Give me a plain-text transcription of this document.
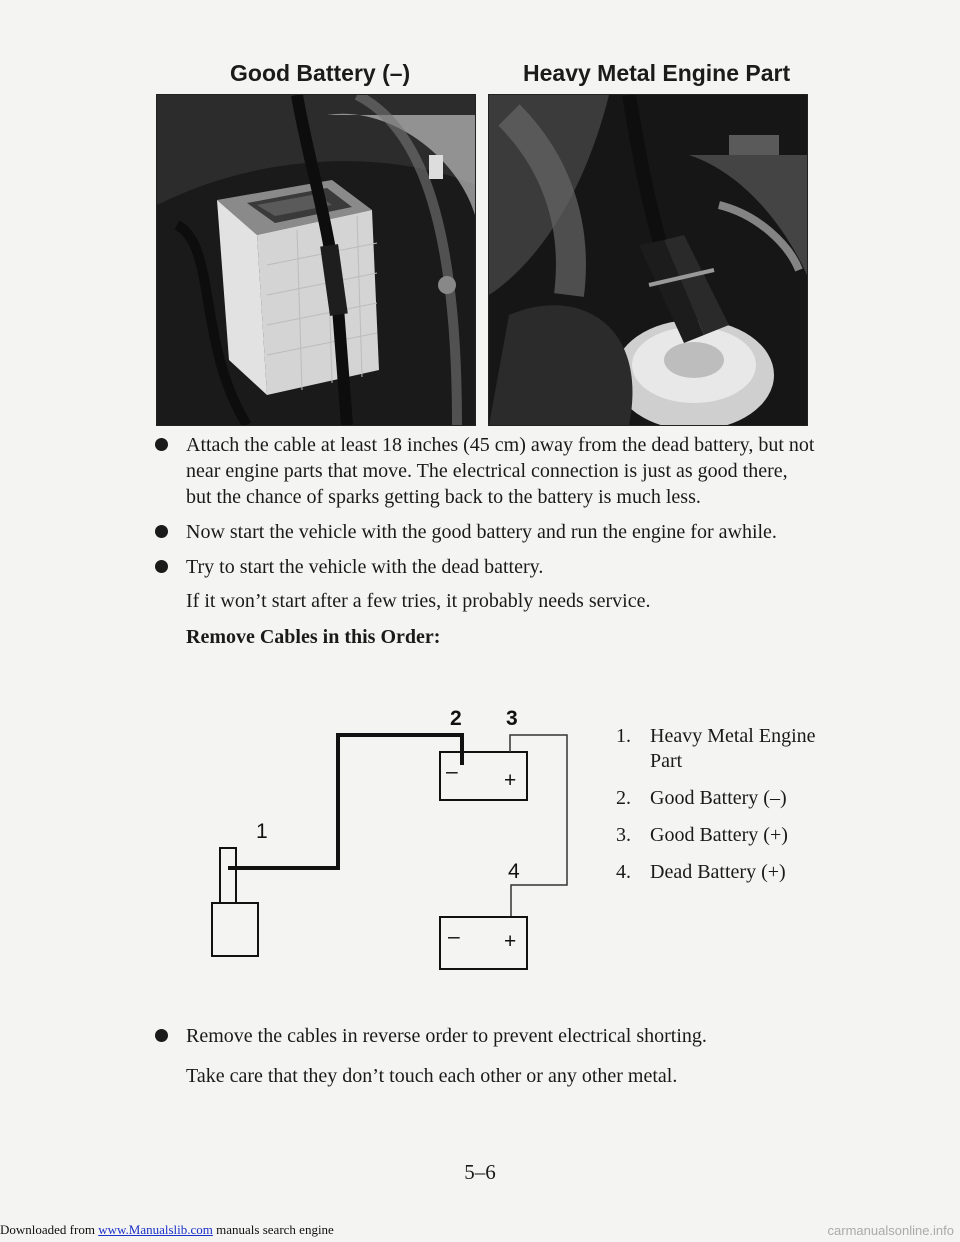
Good Battery (–)	Heavy Metal Engine Part
Attach the cable at least 18 inches (45 cm) away from the dead battery, but not near engine parts that move. The electrical connection is just as good there, but the chance of sparks getting back to the battery is much less.
Now start the vehicle with the good battery and run the engine for awhile.
Try to start the vehicle with the dead battery.
If it won’t start after a few tries, it probably needs service.
Remove Cables in this Order:
1
2 3
4
– +
– +
1. Heavy Metal Engine Part
2. Good Battery (–)
3. Good Battery (+)
4. Dead Battery (+)
Remove the cables in reverse order to prevent electrical shorting.
Take care that they don’t touch each other or any other metal.
5–6
Downloaded from www.Manualslib.com manuals search engine	carmanualsonline.info
